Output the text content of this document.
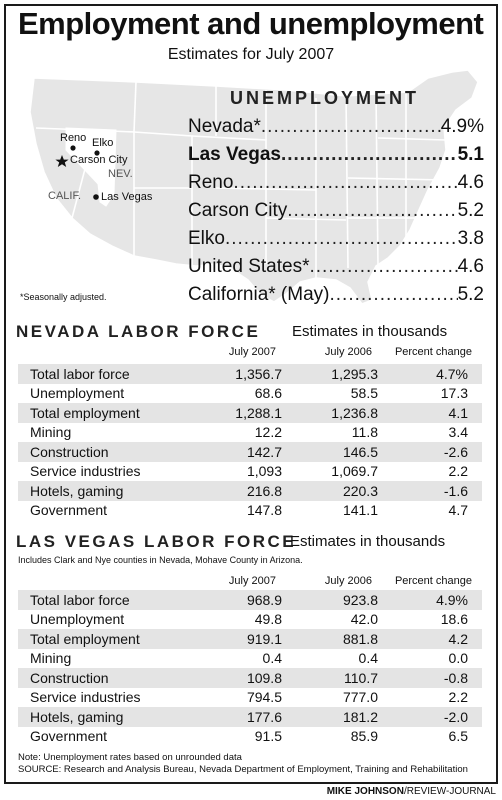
Employment and unemployment
Estimates for July 2007
Reno Elko
Carson City
NEV.
CALIF. Las Vegas
UNEMPLOYMENT
Nevada* .....	4.9%
Las Vegas .....	5.1
Reno .....	4.6
Carson City .....	5.2
Elko .....	3.8
United States* .....	4.6
California* (May) .....	5.2
*Seasonally adjusted.
NEVADA LABOR FORCE Estimates in thousands
July 2007	July 2006	Percent change
Total labor force	1,356.7	1,295.3	4.7%
Unemployment	68.6	58.5	17.3
Total employment	1,288.1	1,236.8	4.1
Mining	12.2	11.8	3.4
Construction	142.7	146.5	-2.6
Service industries	1,093	1,069.7	2.2
Hotels, gaming	216.8	220.3	-1.6
Government	147.8	141.1	4.7
LAS VEGAS LABOR FORCE
Estimates in thousands
Includes Clark and Nye counties in Nevada, Mohave County in Arizona.
July 2007	July 2006	Percent change
Total labor force	968.9	923.8	4.9%
Unemployment	49.8	42.0	18.6
Total employment	919.1	881.8	4.2
Mining	0.4	0.4	0.0
Construction	109.8	110.7	-0.8
Service industries	794.5	777.0	2.2
Hotels, gaming	177.6	181.2	-2.0
Government	91.5	85.9	6.5
Note: Unemployment rates based on unrounded data
SOURCE: Research and Analysis Bureau, Nevada Department of Employment, Training and Rehabilitation
MIKE JOHNSON/REVIEW-JOURNAL
